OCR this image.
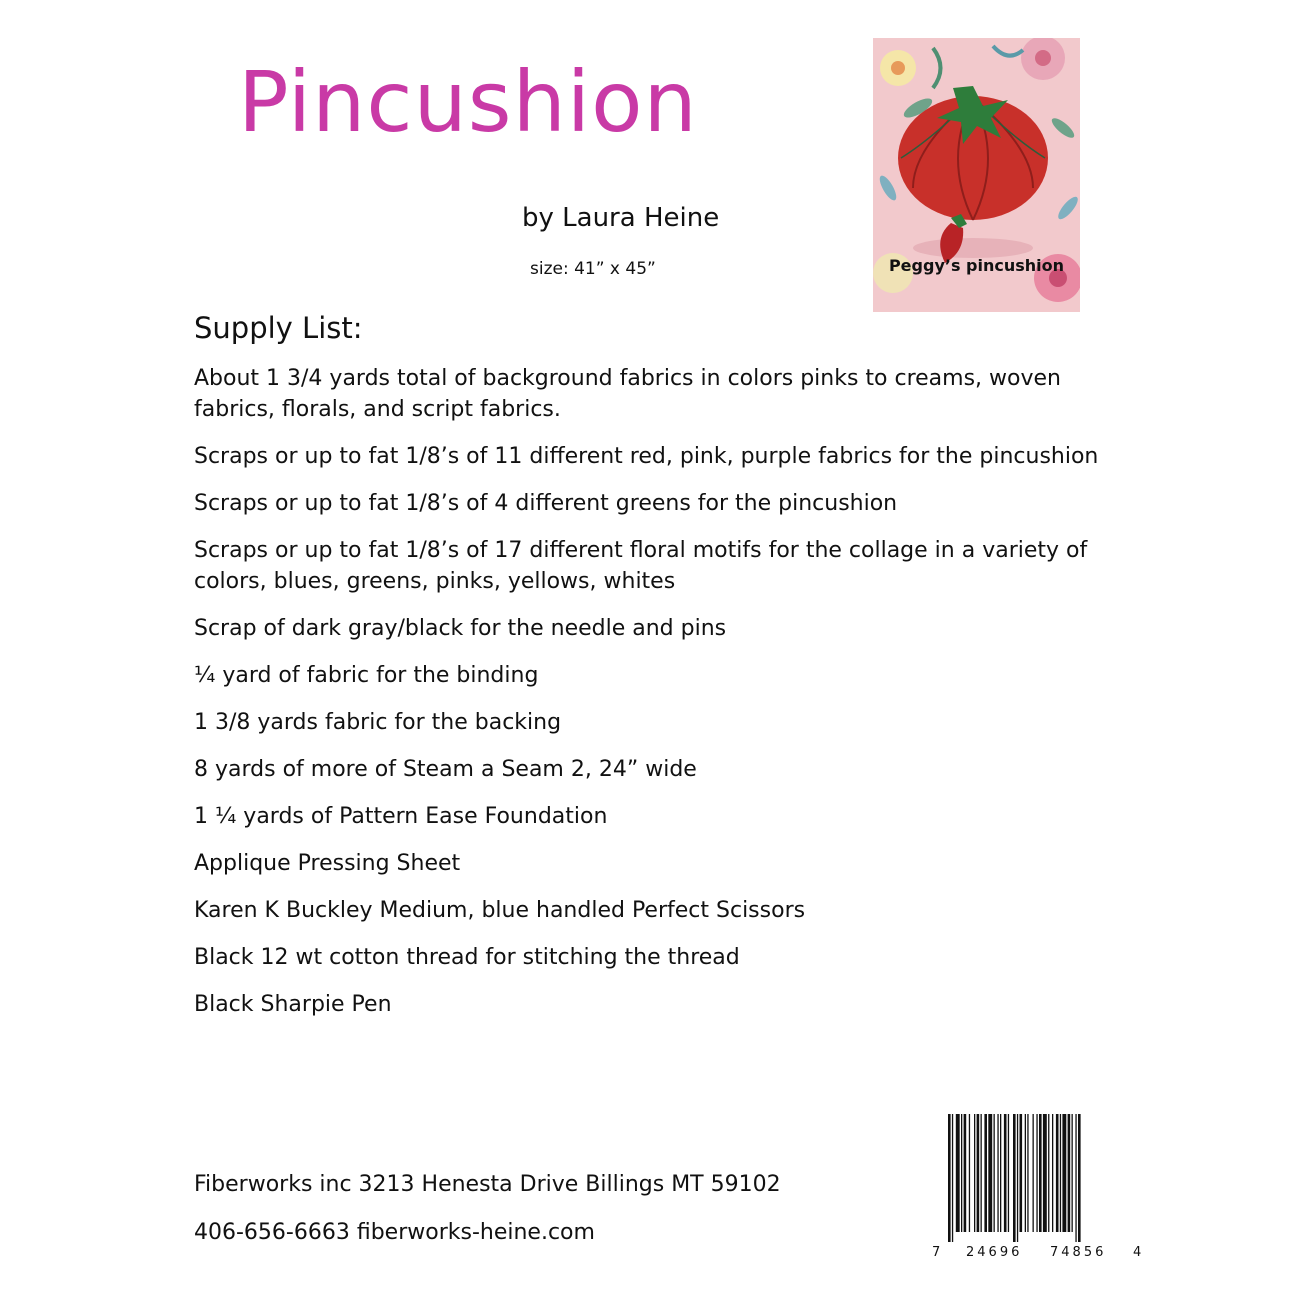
Pincushion
by Laura Heine
size: 41” x 45”	Peggy’s pincushion
Supply List:
About 1 3/4 yards total of background fabrics in colors pinks to creams, woven fabrics, florals, and script fabrics.
Scraps or up to fat 1/8’s of 11 different red, pink, purple fabrics for the pincushion
Scraps or up to fat 1/8’s of 4 different greens for the pincushion
Scraps or up to fat 1/8’s of 17 different floral motifs for the collage in a variety of colors, blues, greens, pinks, yellows, whites
Scrap of dark gray/black for the needle and pins
¼ yard of fabric for the binding
1 3/8 yards fabric for the backing
8 yards of more of Steam a Seam 2, 24” wide
1 ¼ yards of Pattern Ease Foundation
Applique Pressing Sheet
Karen K Buckley Medium, blue handled Perfect Scissors
Black 12 wt cotton thread for stitching the thread
Black Sharpie Pen
Fiberworks inc 3213 Henesta Drive Billings MT 59102
406-656-6663 fiberworks-heine.com
7 24696 74856 4
